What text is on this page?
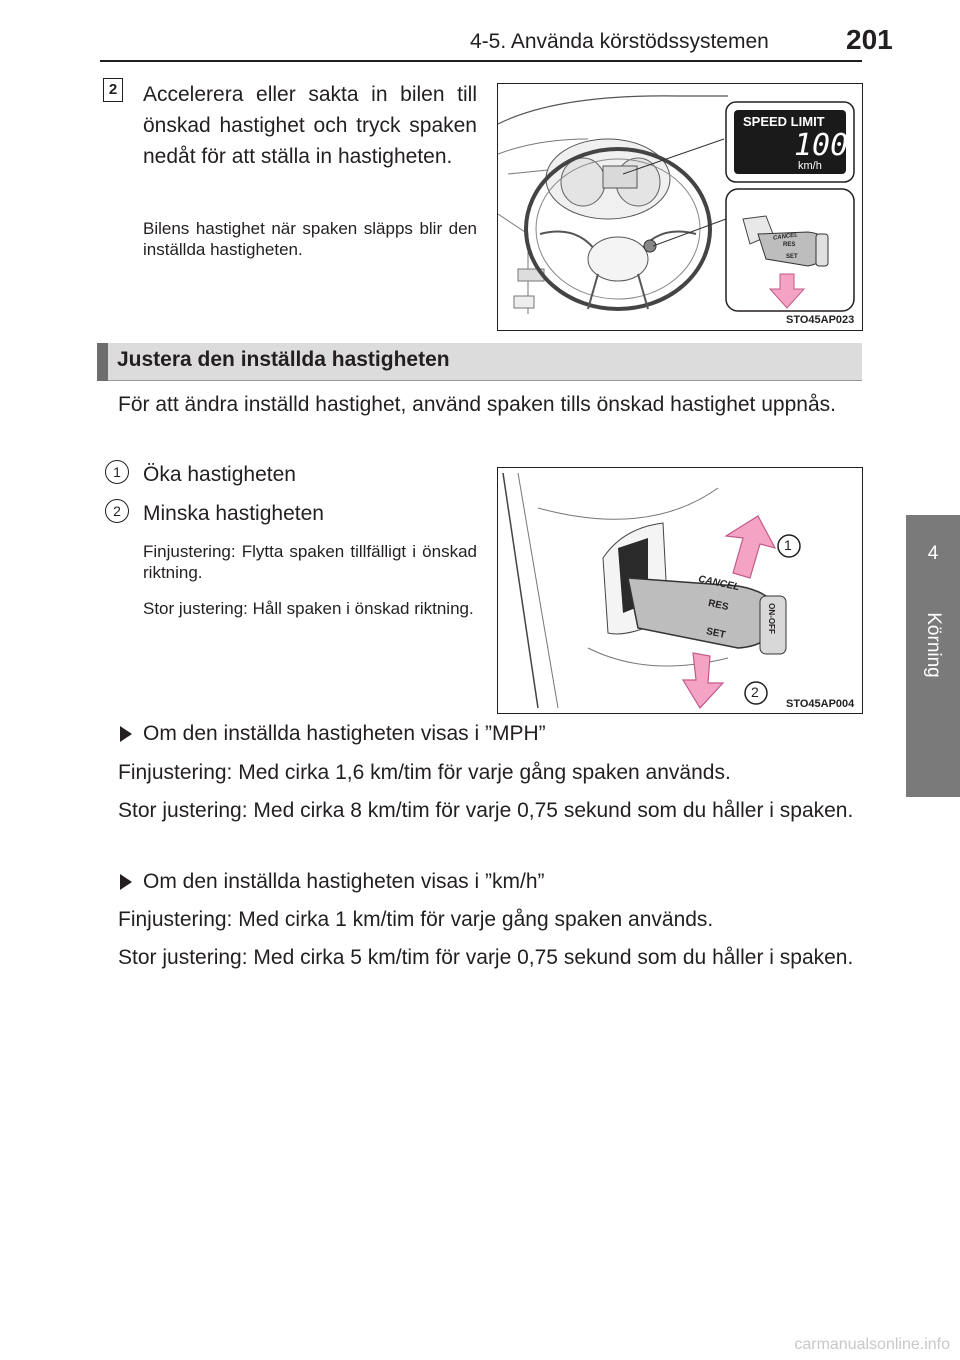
4-5. Använda körstödssystemen	201
4
Körning
2 Accelerera eller sakta in bilen till önskad hastighet och tryck spaken nedåt för att ställa in hastigheten.
Bilens hastighet när spaken släpps blir den inställda hastigheten.
SPEED LIMIT
100
km/h
CANCEL
RES
SET
STO45AP023
Justera den inställda hastigheten
För att ändra inställd hastighet, använd spaken tills önskad hastighet uppnås.
1	Öka hastigheten
2	Minska hastigheten
Finjustering: Flytta spaken tillfälligt i önskad riktning.
Stor justering: Håll spaken i önskad riktning.
1
2
CANCEL
RES
SET	ON-OFF
STO45AP004
Om den inställda hastigheten visas i ”MPH”
Finjustering: Med cirka 1,6 km/tim för varje gång spaken används.
Stor justering: Med cirka 8 km/tim för varje 0,75 sekund som du håller i spaken.
Om den inställda hastigheten visas i ”km/h”
Finjustering: Med cirka 1 km/tim för varje gång spaken används.
Stor justering: Med cirka 5 km/tim för varje 0,75 sekund som du håller i spaken.
carmanualsonline.info
